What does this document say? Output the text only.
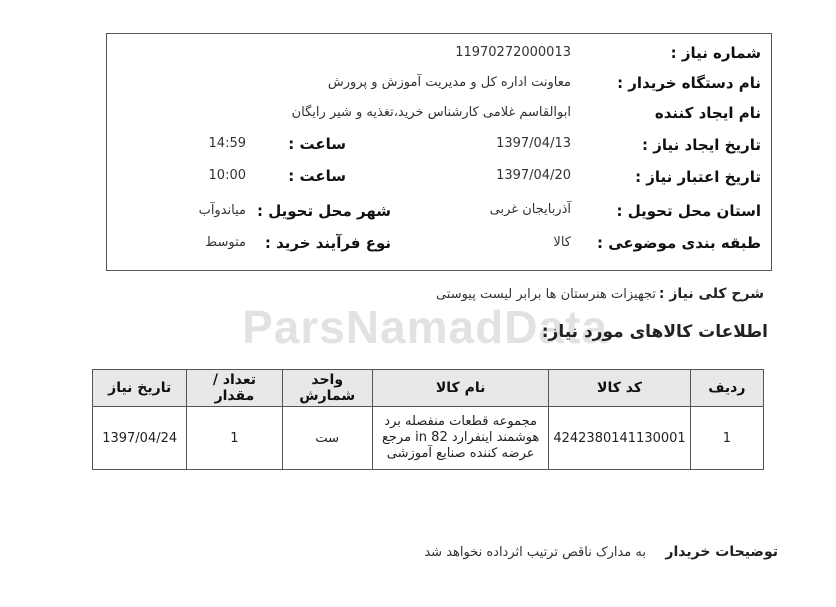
ParsNamadData
شماره نیاز :
11970272000013
نام دستگاه خریدار :
معاونت اداره کل و مدیریت آموزش و پرورش
نام ایجاد کننده
ابوالقاسم غلامی کارشناس خرید،تغذیه و شیر رایگان
تاریخ ایجاد نیاز :
1397/04/13
ساعت :
14:59
تاریخ اعتبار نیاز :
1397/04/20
ساعت :
10:00
استان محل تحویل :
آذربایجان غربی
شهر محل تحویل :
میاندوآب
طبقه بندی موضوعی :
کالا
نوع فرآیند خرید :
متوسط
شرح کلی نیاز :
تجهیزات هنرستان ها برابر لیست پیوستی
اطلاعات کالاهای مورد نیاز:
ردیف	کد کالا	نام کالا	واحد شمارش	تعداد / مقدار	تاریخ نیاز
1	4242380141130001	مجموعه قطعات منفصله برد
هوشمند اینفرارد 82 in مرجع
عرضه کننده صنایع آموزشی	ست	1	1397/04/24
توضیحات خریدار
به مدارک ناقص ترتیب اثرداده نخواهد شد
